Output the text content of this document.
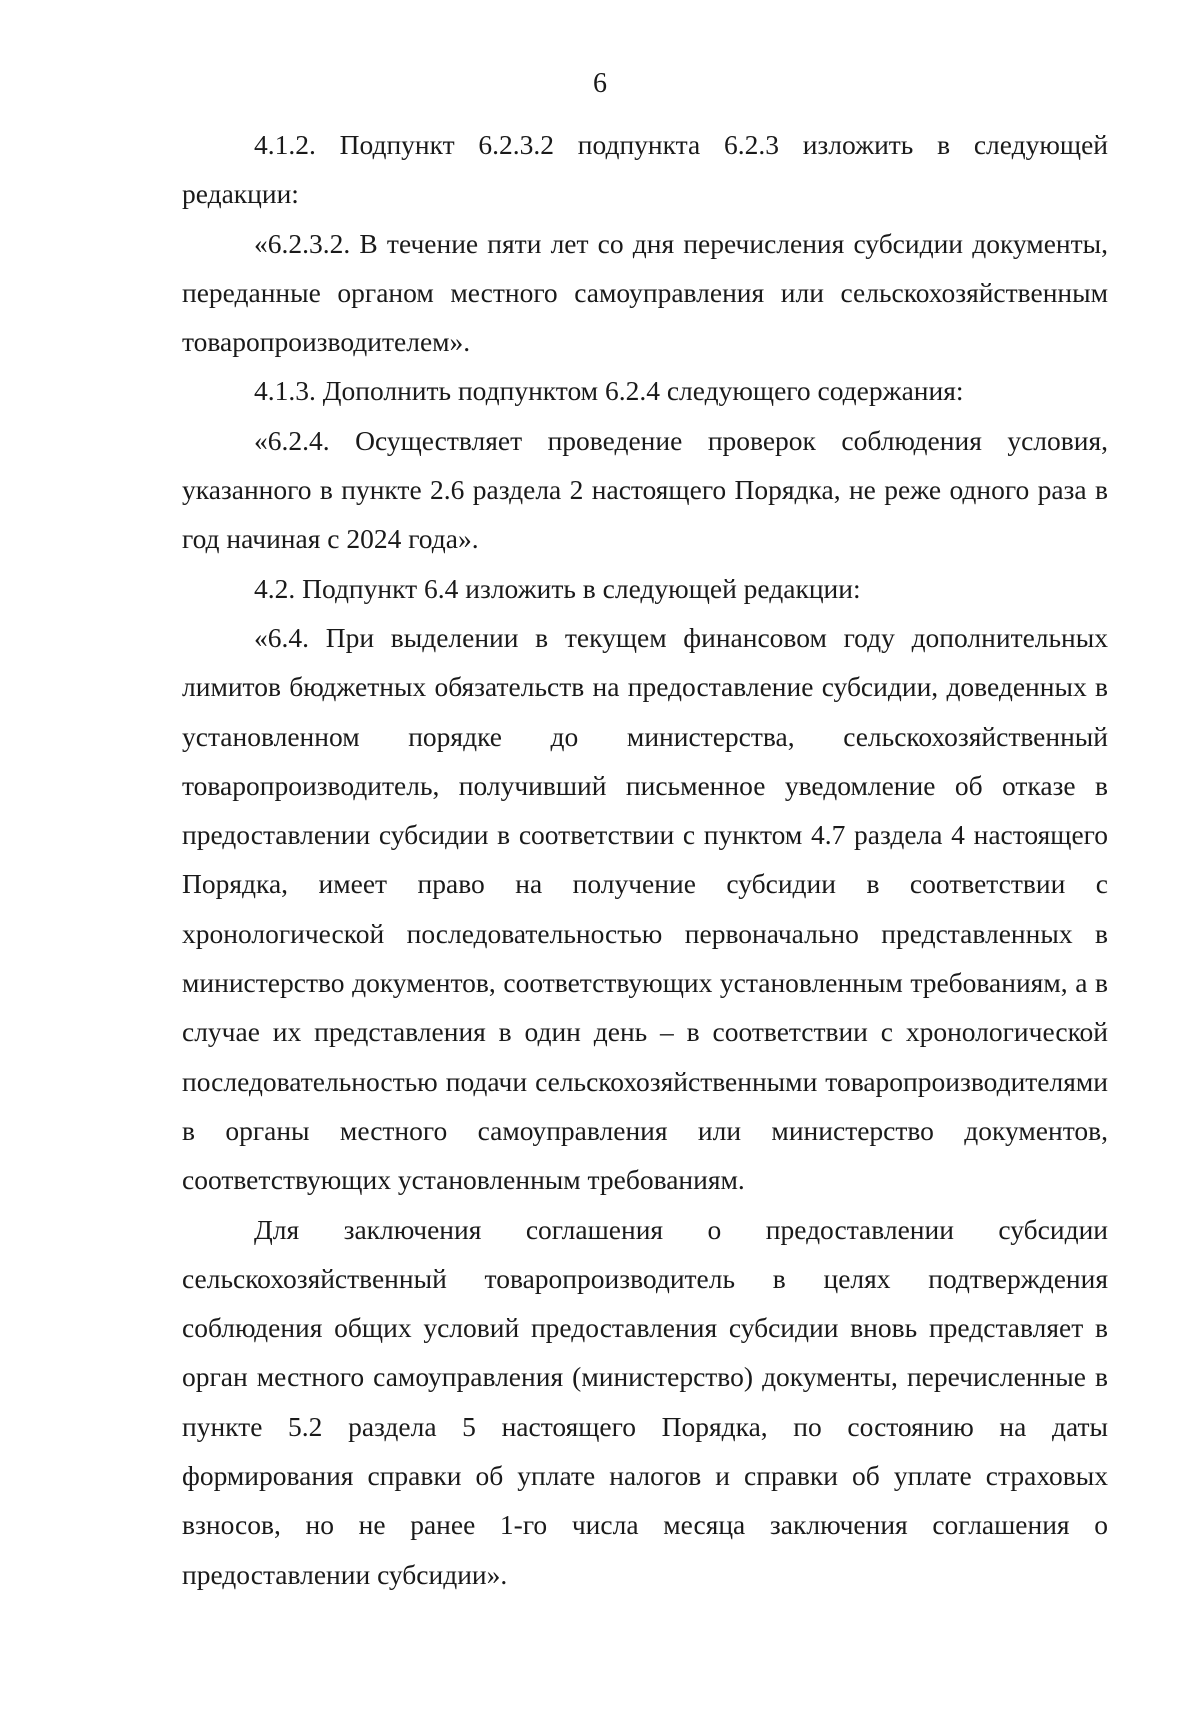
6

4.1.2. Подпункт 6.2.3.2 подпункта 6.2.3 изложить в следующей редакции:

«6.2.3.2. В течение пяти лет со дня перечисления субсидии документы, переданные органом местного самоуправления или сельскохозяйственным товаропроизводителем».

4.1.3. Дополнить подпунктом 6.2.4 следующего содержания:

«6.2.4. Осуществляет проведение проверок соблюдения условия, указанного в пункте 2.6 раздела 2 настоящего Порядка, не реже одного раза в год начиная с 2024 года».

4.2. Подпункт 6.4 изложить в следующей редакции:

«6.4. При выделении в текущем финансовом году дополнительных лимитов бюджетных обязательств на предоставление субсидии, доведенных в установленном порядке до министерства, сельскохозяйственный товаропроизводитель, получивший письменное уведомление об отказе в предоставлении субсидии в соответствии с пунктом 4.7 раздела 4 настоящего Порядка, имеет право на получение субсидии в соответствии с хронологической последовательностью первоначально представленных в министерство документов, соответствующих установленным требованиям, а в случае их представления в один день – в соответствии с хронологической последовательностью подачи сельскохозяйственными товаропроизводителями в органы местного самоуправления или министерство документов, соответствующих установленным требованиям.

Для заключения соглашения о предоставлении субсидии сельскохозяйственный товаропроизводитель в целях подтверждения соблюдения общих условий предоставления субсидии вновь представляет в орган местного самоуправления (министерство) документы, перечисленные в пункте 5.2 раздела 5 настоящего Порядка, по состоянию на даты формирования справки об уплате налогов и справки об уплате страховых взносов, но не ранее 1-го числа месяца заключения соглашения о предоставлении субсидии».
